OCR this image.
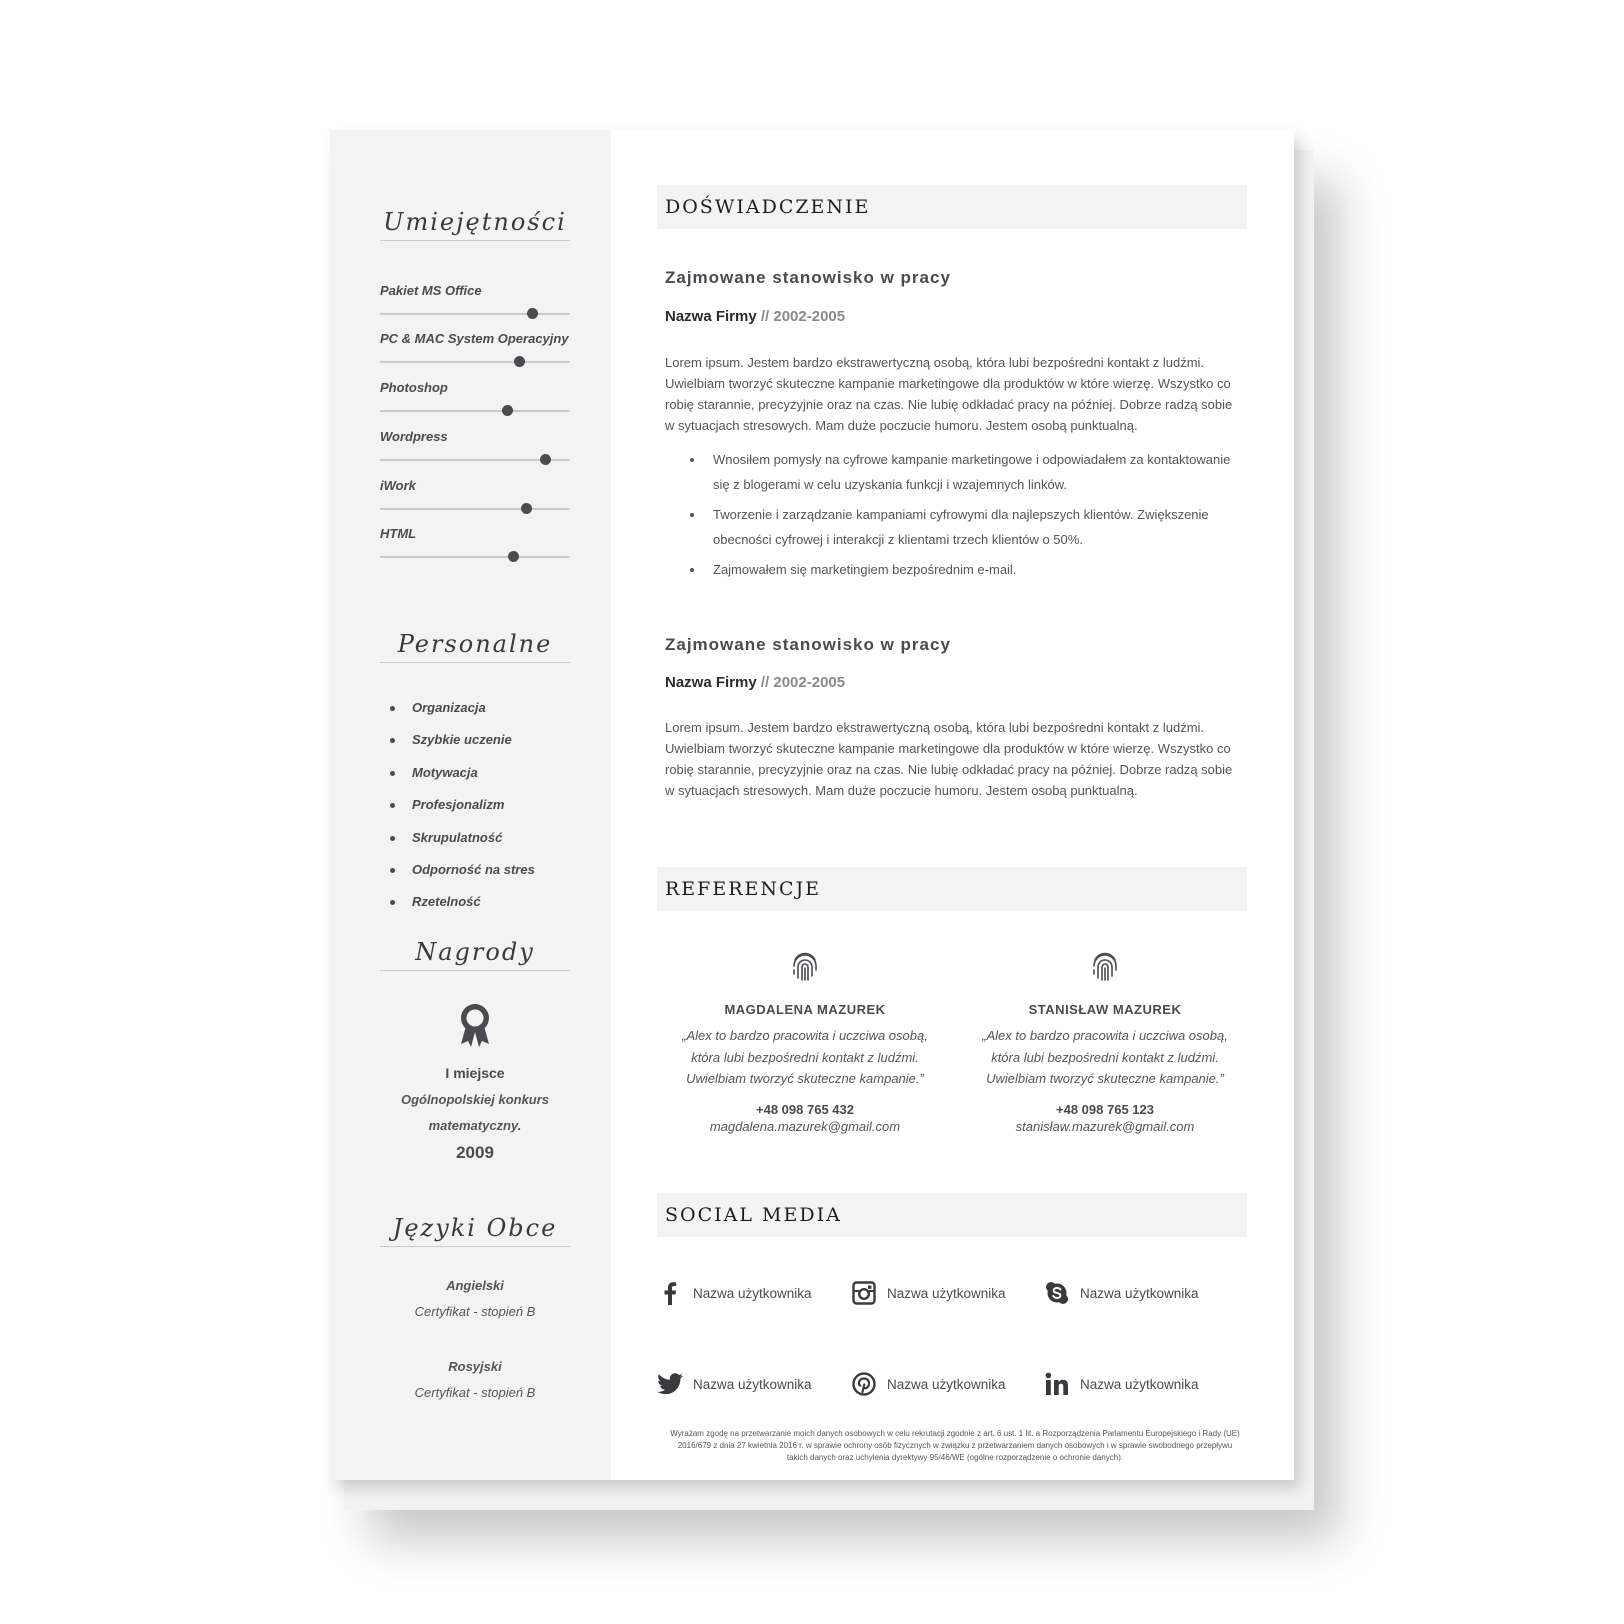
Umiejętności
Pakiet MS Office
PC & MAC System Operacyjny
Photoshop
Wordpress
iWork
HTML
Personalne
Organizacja
Szybkie uczenie
Motywacja
Profesjonalizm
Skrupulatność
Odporność na stres
Rzetelność
Nagrody
I miejsce
Ogólnopolskiej konkurs
matematyczny.
2009
Języki Obce
Angielski
Certyfikat - stopień B
Rosyjski
Certyfikat - stopień B
DOŚWIADCZENIE
Zajmowane stanowisko w pracy
Nazwa Firmy // 2002-2005
Lorem ipsum. Jestem bardzo ekstrawertyczną osobą, która lubi bezpośredni kontakt z ludźmi. Uwielbiam tworzyć skuteczne kampanie marketingowe dla produktów w które wierzę. Wszystko co robię starannie, precyzyjnie oraz na czas. Nie lubię odkładać pracy na później. Dobrze radzą sobie w sytuacjach stresowych. Mam duże poczucie humoru. Jestem osobą punktualną.
Wnosiłem pomysły na cyfrowe kampanie marketingowe i odpowiadałem za kontaktowanie się z blogerami w celu uzyskania funkcji i wzajemnych linków.
Tworzenie i zarządzanie kampaniami cyfrowymi dla najlepszych klientów. Zwiększenie obecności cyfrowej i interakcji z klientami trzech klientów o 50%.
Zajmowałem się marketingiem bezpośrednim e-mail.
Zajmowane stanowisko w pracy
Nazwa Firmy // 2002-2005
Lorem ipsum. Jestem bardzo ekstrawertyczną osobą, która lubi bezpośredni kontakt z ludźmi. Uwielbiam tworzyć skuteczne kampanie marketingowe dla produktów w które wierzę. Wszystko co robię starannie, precyzyjnie oraz na czas. Nie lubię odkładać pracy na później. Dobrze radzą sobie w sytuacjach stresowych. Mam duże poczucie humoru. Jestem osobą punktualną.
REFERENCJE
MAGDALENA MAZUREK
„Alex to bardzo pracowita i uczciwa osobą, która lubi bezpośredni kontakt z ludźmi. Uwielbiam tworzyć skuteczne kampanie.”
+48 098 765 432
magdalena.mazurek@gmail.com
STANISŁAW MAZUREK
„Alex to bardzo pracowita i uczciwa osobą, która lubi bezpośredni kontakt z ludźmi. Uwielbiam tworzyć skuteczne kampanie.”
+48 098 765 123
stanisław.mazurek@gmail.com
SOCIAL MEDIA
Nazwa użytkownika	Nazwa użytkownika	Nazwa użytkownika
Nazwa użytkownika	Nazwa użytkownika	Nazwa użytkownika
Wyrażam zgodę na przetwarzanie moich danych osobowych w celu rekrutacji zgodnie z art. 6 ust. 1 lit. a Rozporządzenia Parlamentu Europejskiego i Rady (UE) 2016/679 z dnia 27 kwietnia 2016 r. w sprawie ochrony osób fizycznych w związku z przetwarzaniem danych osobowych i w sprawie swobodnego przepływu takich danych oraz uchylenia dyrektywy 95/46/WE (ogólne rozporządzenie o ochronie danych).
